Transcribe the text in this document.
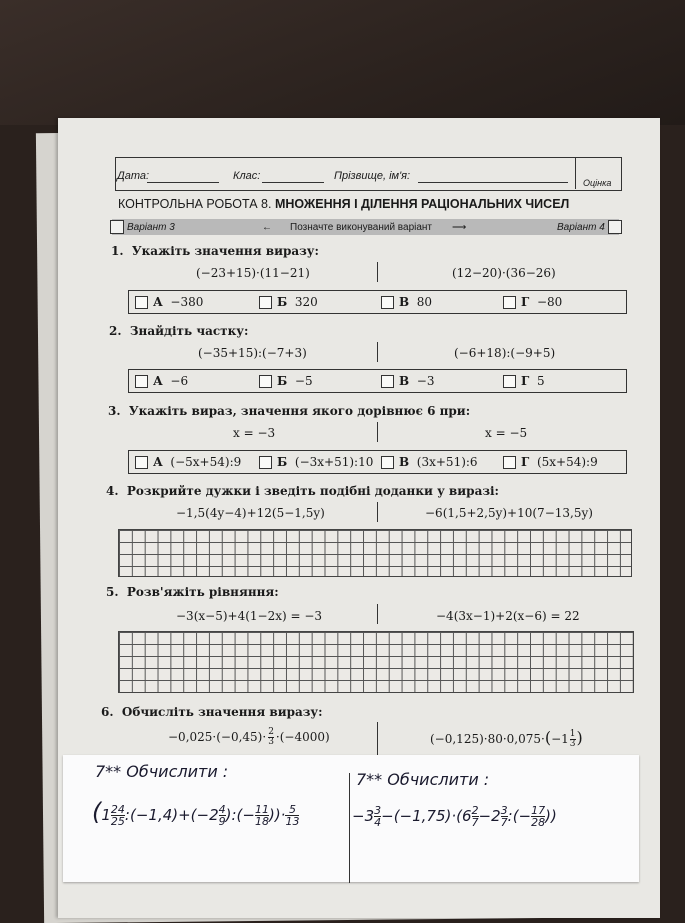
Дата:	Клас:	Прізвище, ім'я:
Оцінка
КОНТРОЛЬНА РОБОТА 8. МНОЖЕННЯ І ДІЛЕННЯ РАЦІОНАЛЬНИХ ЧИСЕЛ
Варіант 3	← Позначте виконуваний варіант ⟶	Варіант 4
1. Укажіть значення виразу:
(−23+15)·(11−21)	(12−20)·(36−26)
А −380	Б 320	В 80	Г −80
2. Знайдіть частку:
(−35+15):(−7+3)	(−6+18):(−9+5)
А −6	Б −5	В −3	Г 5
3. Укажіть вираз, значення якого дорівнює 6 при:
x = −3	x = −5
А (−5x+54):9	Б (−3x+51):10	В (3x+51):6	Г (5x+54):9
4. Розкрийте дужки і зведіть подібні доданки у виразі:
−1,5(4y−4)+12(5−1,5y)	−6(1,5+2,5y)+10(7−13,5y)
5. Розв'яжіть рівняння:
−3(x−5)+4(1−2x) = −3	−4(3x−1)+2(x−6) = 22
6. Обчисліть значення виразу:
$-0,025\cdot(-0,45)\cdot \frac{2}{3} \cdot(-4000)$	$(-0,125)\cdot 80\cdot 0,075\cdot(-1 \frac{1}{3}$ )
7** Обчислити :	7** Обчислити :
($1 \frac{24}{25}$ :(−1,4)+(−2 $\frac{4}{9}$ ):(− $\frac{11}{18}$ ))· $\frac{5}{13}$	$-3 \frac{3}{4} -(-1,75)\cdot(6 \frac{2}{7} -2 \frac{3}{7}$ :(− $\frac{17}{28}$ ))
